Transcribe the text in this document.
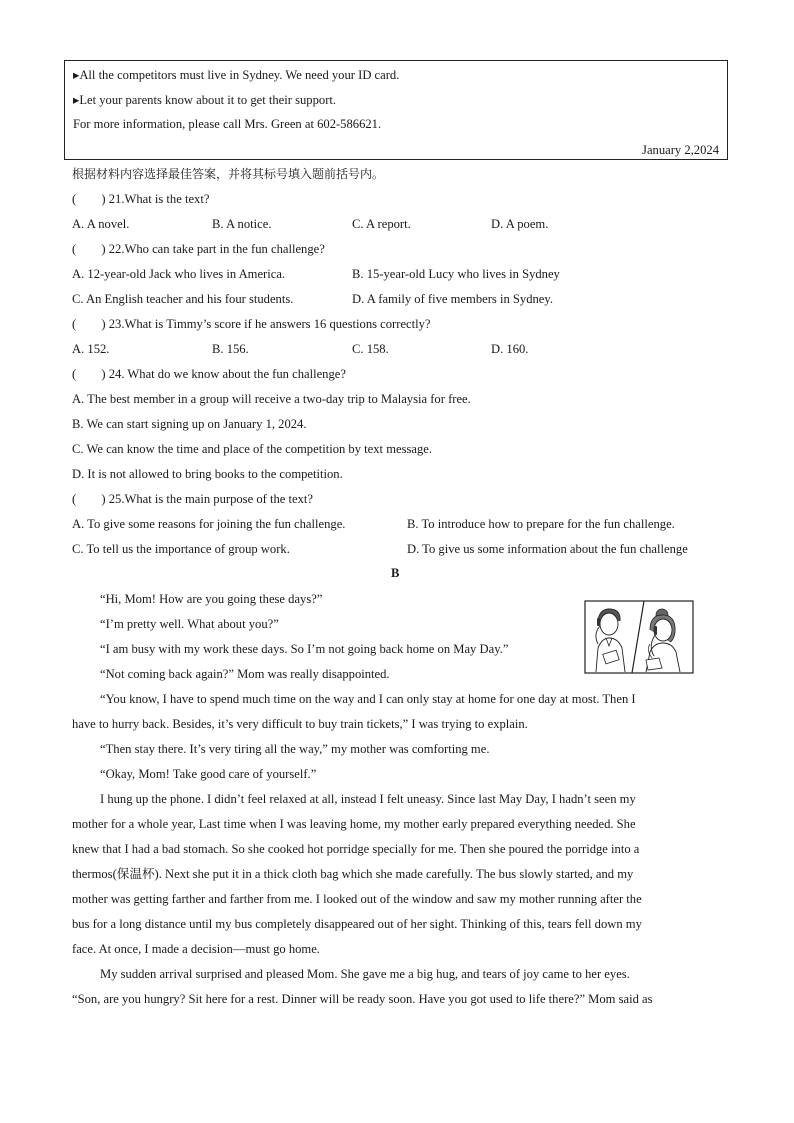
▸All the competitors must live in Sydney. We need your ID card.
▸Let your parents know about it to get their support.
For more information, please call Mrs. Green at 602-586621.
January 2,2024
根据材料内容选择最佳答案，并将其标号填入题前括号内。
(　　) 21.What is the text?
A. A novel.	B. A notice.	C. A report.	D. A poem.
(　　) 22.Who can take part in the fun challenge?
A. 12-year-old Jack who lives in America.	B. 15-year-old Lucy who lives in Sydney
C. An English teacher and his four students.	D. A family of five members in Sydney.
(　　) 23.What is Timmy’s score if he answers 16 questions correctly?
A. 152.	B. 156.	C. 158.	D. 160.
(　　) 24. What do we know about the fun challenge?
A. The best member in a group will receive a two-day trip to Malaysia for free.
B. We can start signing up on January 1, 2024.
C. We can know the time and place of the competition by text message.
D. It is not allowed to bring books to the competition.
(　　) 25.What is the main purpose of the text?
A. To give some reasons for joining the fun challenge.	B. To introduce how to prepare for the fun challenge.
C. To tell us the importance of group work.	D. To give us some information about the fun challenge
B
“Hi, Mom! How are you going these days?”
“I’m pretty well. What about you?”
“I am busy with my work these days. So I’m not going back home on May Day.”
“Not coming back again?” Mom was really disappointed.
“You know, I have to spend much time on the way and I can only stay at home for one day at most. Then I
have to hurry back. Besides, it’s very difficult to buy train tickets,” I was trying to explain.
“Then stay there. It’s very tiring all the way,” my mother was comforting me.
“Okay, Mom! Take good care of yourself.”
I hung up the phone. I didn’t feel relaxed at all, instead I felt uneasy. Since last May Day, I hadn’t seen my
mother for a whole year, Last time when I was leaving home, my mother early prepared everything needed. She
knew that I had a bad stomach. So she cooked hot porridge specially for me. Then she poured the porridge into a
thermos(保温杯). Next she put it in a thick cloth bag which she made carefully. The bus slowly started, and my
mother was getting farther and farther from me. I looked out of the window and saw my mother running after the
bus for a long distance until my bus completely disappeared out of her sight. Thinking of this, tears fell down my
face. At once, I made a decision—must go home.
My sudden arrival surprised and pleased Mom. She gave me a big hug, and tears of joy came to her eyes.
“Son, are you hungry? Sit here for a rest. Dinner will be ready soon. Have you got used to life there?” Mom said as
